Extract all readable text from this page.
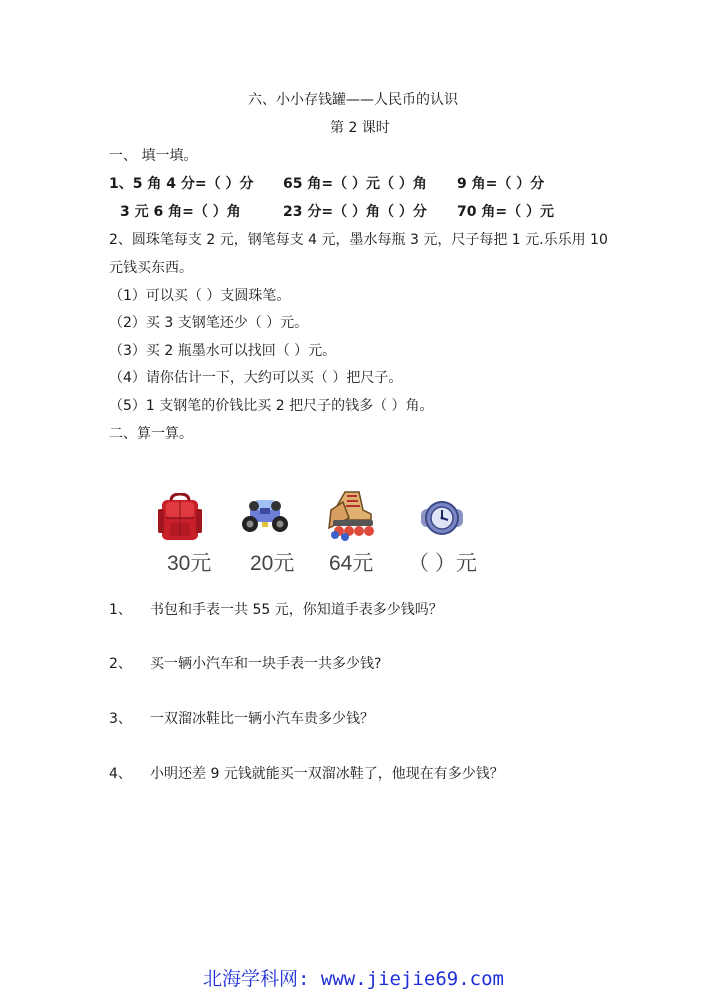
六、小小存钱罐——人民币的认识
第 2 课时
一、 填一填。
1、5 角 4 分=（ ）分 65 角=（ ）元（ ）角 9 角=（ ）分
3 元 6 角=（ ）角	23 分=（ ）角（ ）分 70 角=（ ）元
2、圆珠笔每支 2 元，钢笔每支 4 元，墨水每瓶 3 元，尺子每把 1 元.乐乐用 10
元钱买东西。
（1）可以买（ ）支圆珠笔。
（2）买 3 支钢笔还少（ ）元。
（3）买 2 瓶墨水可以找回（ ）元。
（4）请你估计一下，大约可以买（ ）把尺子。
（5）1 支钢笔的价钱比买 2 把尺子的钱多（ ）角。
二、算一算。
30元 20元 64元 （ ）元
1、 书包和手表一共 55 元，你知道手表多少钱吗？
2、 买一辆小汽车和一块手表一共多少钱?
3、 一双溜冰鞋比一辆小汽车贵多少钱？
4、 小明还差 9 元钱就能买一双溜冰鞋了，他现在有多少钱？
北海学科网: www.jiejie69.com
